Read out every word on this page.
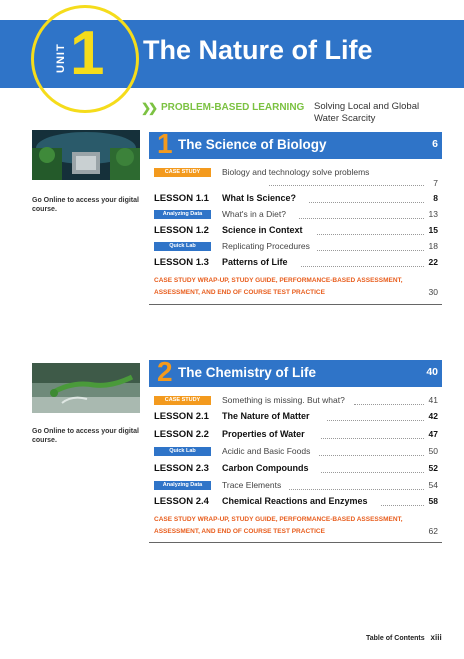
UNIT 1 The Nature of Life
❯❯ PROBLEM-BASED LEARNING Solving Local and Global Water Scarcity
Go Online to access your digital course.
1 The Science of Biology	6
CASE STUDY	Biology and technology solve problems
7
LESSON 1.1 What Is Science?	8
Analyzing Data	What's in a Diet?	13
LESSON 1.2 Science in Context	15
Quick Lab	Replicating Procedures	18
LESSON 1.3 Patterns of Life	22
CASE STUDY WRAP-UP, STUDY GUIDE, PERFORMANCE-BASED ASSESSMENT, ASSESSMENT, AND END OF COURSE TEST PRACTICE	30
Go Online to access your digital course.
2 The Chemistry of Life	40
CASE STUDY	Something is missing. But what?	41
LESSON 2.1 The Nature of Matter	42
LESSON 2.2 Properties of Water	47
Quick Lab	Acidic and Basic Foods	50
LESSON 2.3 Carbon Compounds	52
Analyzing Data	Trace Elements	54
LESSON 2.4 Chemical Reactions and Enzymes	58
CASE STUDY WRAP-UP, STUDY GUIDE, PERFORMANCE-BASED ASSESSMENT, ASSESSMENT, AND END OF COURSE TEST PRACTICE	62
Table of Contents xiii
